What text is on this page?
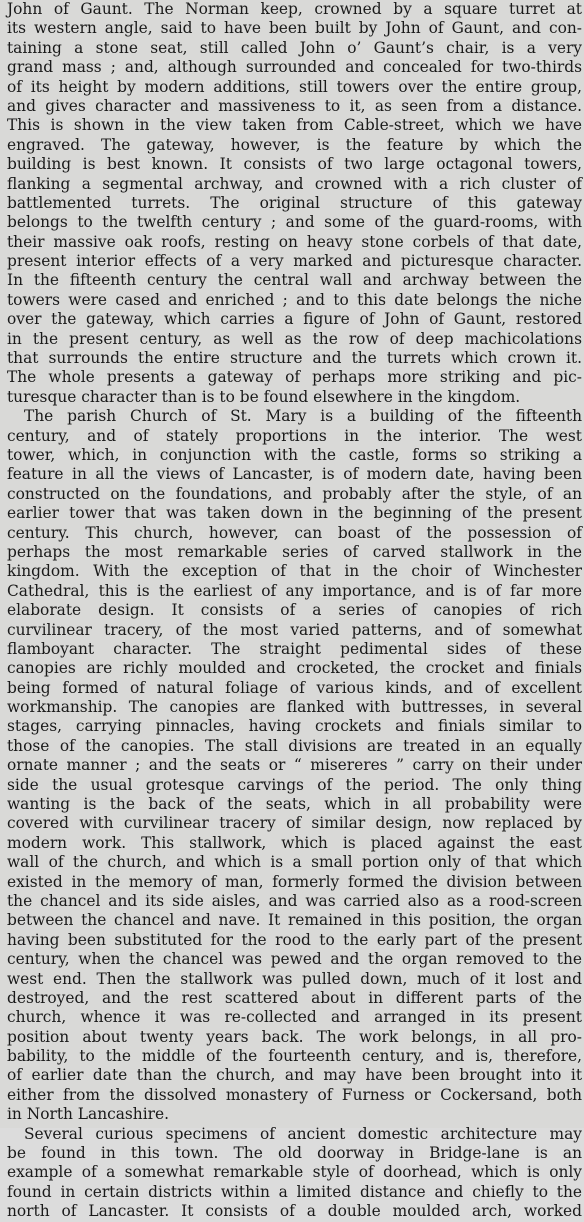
John of Gaunt. The Norman keep, crowned by a square turret at
its western angle, said to have been built by John of Gaunt, and con-
taining a stone seat, still called John o’ Gaunt’s chair, is a very
grand mass ; and, although surrounded and concealed for two-thirds
of its height by modern additions, still towers over the entire group,
and gives character and massiveness to it, as seen from a distance.
This is shown in the view taken from Cable-street, which we have
engraved. The gateway, however, is the feature by which the
building is best known. It consists of two large octagonal towers,
flanking a segmental archway, and crowned with a rich cluster of
battlemented turrets. The original structure of this gateway
belongs to the twelfth century ; and some of the guard-rooms, with
their massive oak roofs, resting on heavy stone corbels of that date,
present interior effects of a very marked and picturesque character.
In the fifteenth century the central wall and archway between the
towers were cased and enriched ; and to this date belongs the niche
over the gateway, which carries a figure of John of Gaunt, restored
in the present century, as well as the row of deep machicolations
that surrounds the entire structure and the turrets which crown it.
The whole presents a gateway of perhaps more striking and pic-
turesque character than is to be found elsewhere in the kingdom.
The parish Church of St. Mary is a building of the fifteenth
century, and of stately proportions in the interior. The west
tower, which, in conjunction with the castle, forms so striking a
feature in all the views of Lancaster, is of modern date, having been
constructed on the foundations, and probably after the style, of an
earlier tower that was taken down in the beginning of the present
century. This church, however, can boast of the possession of
perhaps the most remarkable series of carved stallwork in the
kingdom. With the exception of that in the choir of Winchester
Cathedral, this is the earliest of any importance, and is of far more
elaborate design. It consists of a series of canopies of rich
curvilinear tracery, of the most varied patterns, and of somewhat
flamboyant character. The straight pedimental sides of these
canopies are richly moulded and crocketed, the crocket and finials
being formed of natural foliage of various kinds, and of excellent
workmanship. The canopies are flanked with buttresses, in several
stages, carrying pinnacles, having crockets and finials similar to
those of the canopies. The stall divisions are treated in an equally
ornate manner ; and the seats or “ misereres ” carry on their under
side the usual grotesque carvings of the period. The only thing
wanting is the back of the seats, which in all probability were
covered with curvilinear tracery of similar design, now replaced by
modern work. This stallwork, which is placed against the east
wall of the church, and which is a small portion only of that which
existed in the memory of man, formerly formed the division between
the chancel and its side aisles, and was carried also as a rood-screen
between the chancel and nave. It remained in this position, the organ
having been substituted for the rood to the early part of the present
century, when the chancel was pewed and the organ removed to the
west end. Then the stallwork was pulled down, much of it lost and
destroyed, and the rest scattered about in different parts of the
church, whence it was re-collected and arranged in its present
position about twenty years back. The work belongs, in all pro-
bability, to the middle of the fourteenth century, and is, therefore,
of earlier date than the church, and may have been brought into it
either from the dissolved monastery of Furness or Cockersand, both
in North Lancashire.
Several curious specimens of ancient domestic architecture may
be found in this town. The old doorway in Bridge-lane is an
example of a somewhat remarkable style of doorhead, which is only
found in certain districts within a limited distance and chiefly to the
north of Lancaster. It consists of a double moulded arch, worked
